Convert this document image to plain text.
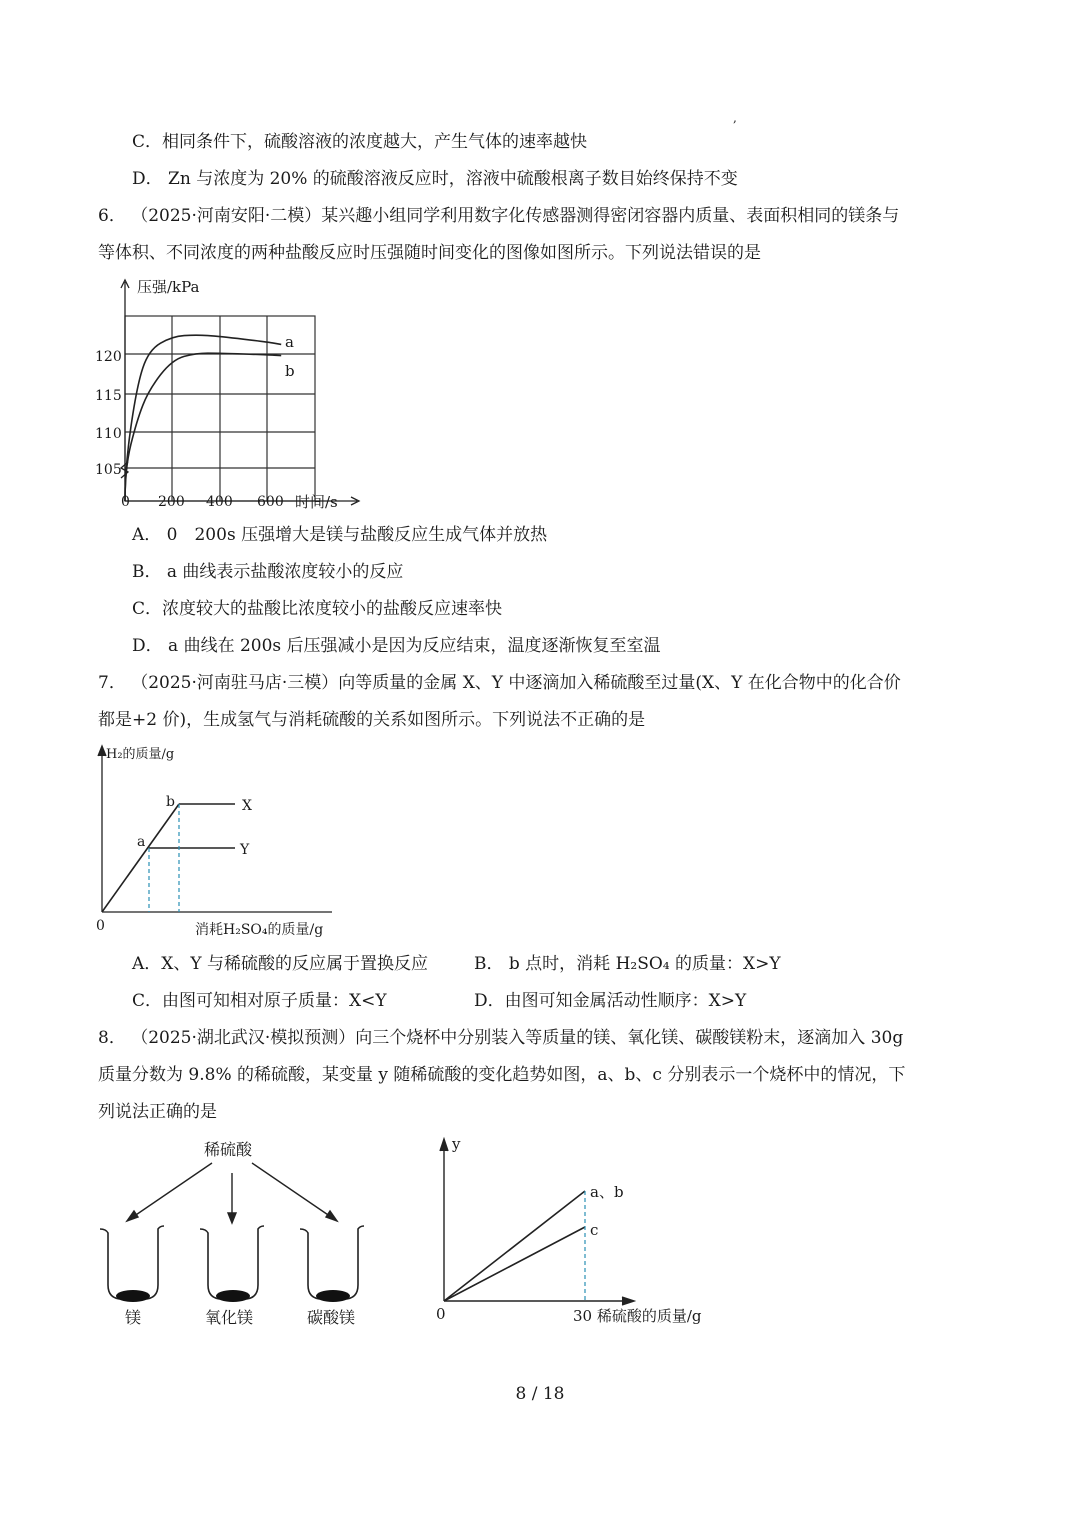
,
C．相同条件下，硫酸溶液的浓度越大，产生气体的速率越快
D． Zn 与浓度为 20% 的硫酸溶液反应时，溶液中硫酸根离子数目始终保持不变
6． （2025·河南安阳·二模）某兴趣小组同学利用数字化传感器测得密闭容器内质量、表面积相同的镁条与
等体积、不同浓度的两种盐酸反应时压强随时间变化的图像如图所示。下列说法错误的是
压强/kPa
120
115
110
105
0 200 400 600 时间/s
a
b
A． 0　200s 压强增大是镁与盐酸反应生成气体并放热
B． a 曲线表示盐酸浓度较小的反应
C．浓度较大的盐酸比浓度较小的盐酸反应速率快
D． a 曲线在 200s 后压强减小是因为反应结束，温度逐渐恢复至室温
7． （2025·河南驻马店·三模）向等质量的金属 X、Y 中逐滴加入稀硫酸至过量(X、Y 在化合物中的化合价
都是+2 价)，生成氢气与消耗硫酸的关系如图所示。下列说法不正确的是
H₂的质量/g
0
a
b	X
Y
消耗H₂SO₄的质量/g
A．X、Y 与稀硫酸的反应属于置换反应	B． b 点时，消耗 H₂SO₄ 的质量：X>Y
C．由图可知相对原子质量：X<Y	D．由图可知金属活动性顺序：X>Y
8． （2025·湖北武汉·模拟预测）向三个烧杯中分别装入等质量的镁、氧化镁、碳酸镁粉末，逐滴加入 30g
质量分数为 9.8% 的稀硫酸，某变量 y 随稀硫酸的变化趋势如图，a、b、c 分别表示一个烧杯中的情况，下
列说法正确的是
稀硫酸
镁	氧化镁	碳酸镁
y
0
a、b
c
30 稀硫酸的质量/g
8 / 18
